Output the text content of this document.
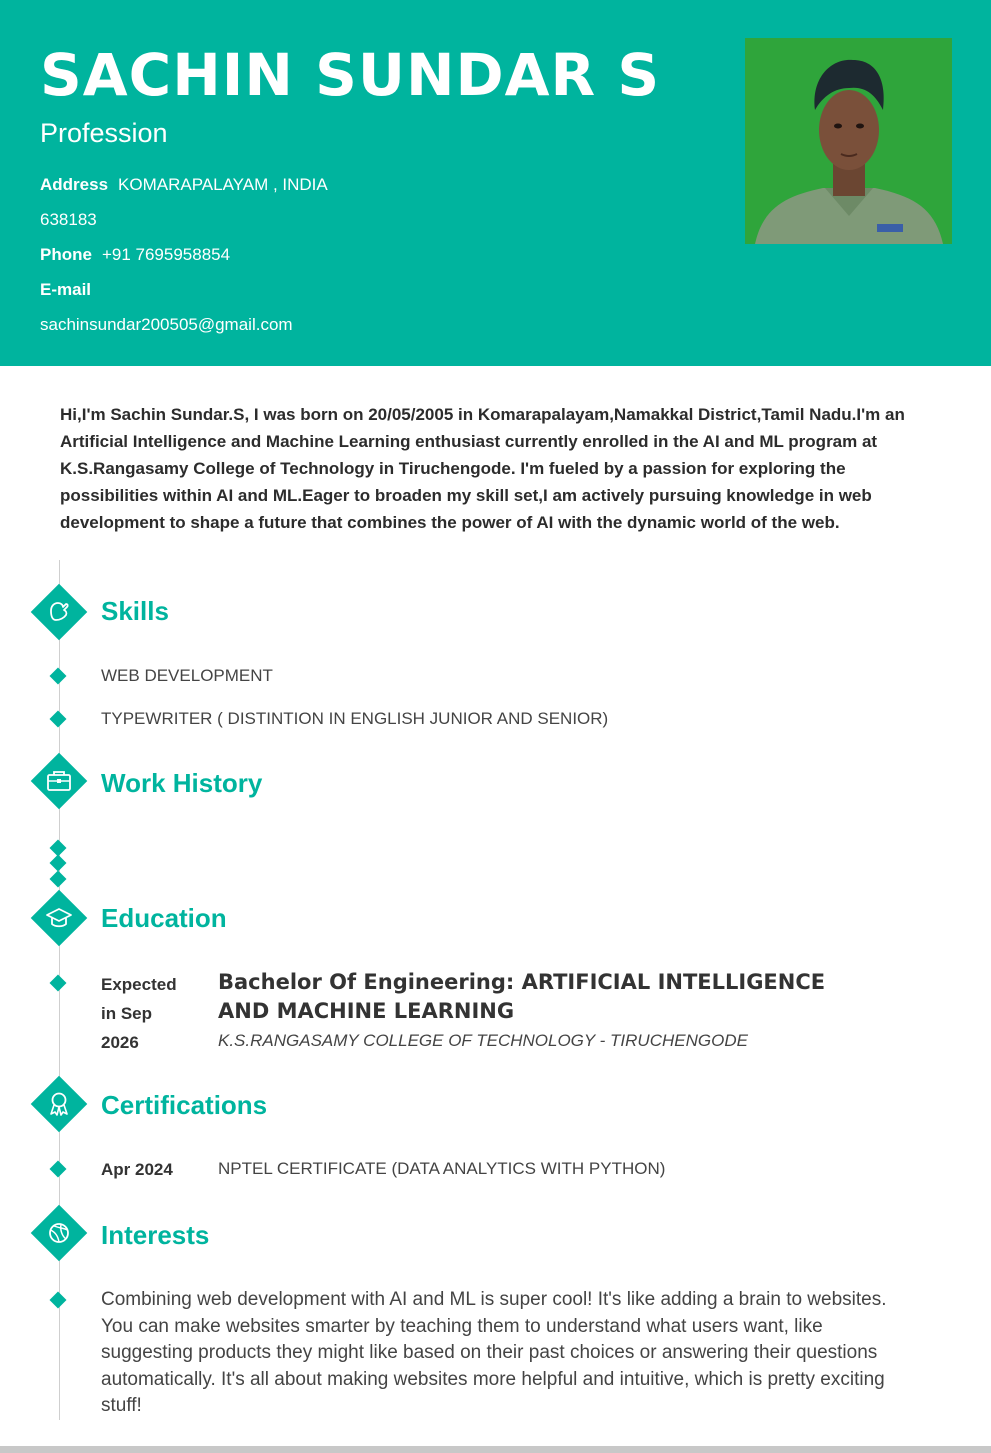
SACHIN SUNDAR S
Profession
Address KOMARAPALAYAM , INDIA
638183
Phone +91 7695958854
E-mail
sachinsundar200505@gmail.com
Hi,I'm Sachin Sundar.S, I was born on 20/05/2005 in Komarapalayam,Namakkal District,Tamil Nadu.I'm an Artificial Intelligence and Machine Learning enthusiast currently enrolled in the AI and ML program at K.S.Rangasamy College of Technology in Tiruchengode. I'm fueled by a passion for exploring the possibilities within AI and ML.Eager to broaden my skill set,I am actively pursuing knowledge in web development to shape a future that combines the power of AI with the dynamic world of the web.
Skills
WEB DEVELOPMENT
TYPEWRITER ( DISTINTION IN ENGLISH JUNIOR AND SENIOR)
Work History
Education
Expected
in Sep
2026
Bachelor Of Engineering: ARTIFICIAL INTELLIGENCE AND MACHINE LEARNING
K.S.RANGASAMY COLLEGE OF TECHNOLOGY - TIRUCHENGODE
Certifications
Apr 2024	NPTEL CERTIFICATE (DATA ANALYTICS WITH PYTHON)
Interests
Combining web development with AI and ML is super cool! It's like adding a brain to websites. You can make websites smarter by teaching them to understand what users want, like suggesting products they might like based on their past choices or answering their questions automatically. It's all about making websites more helpful and intuitive, which is pretty exciting stuff!
